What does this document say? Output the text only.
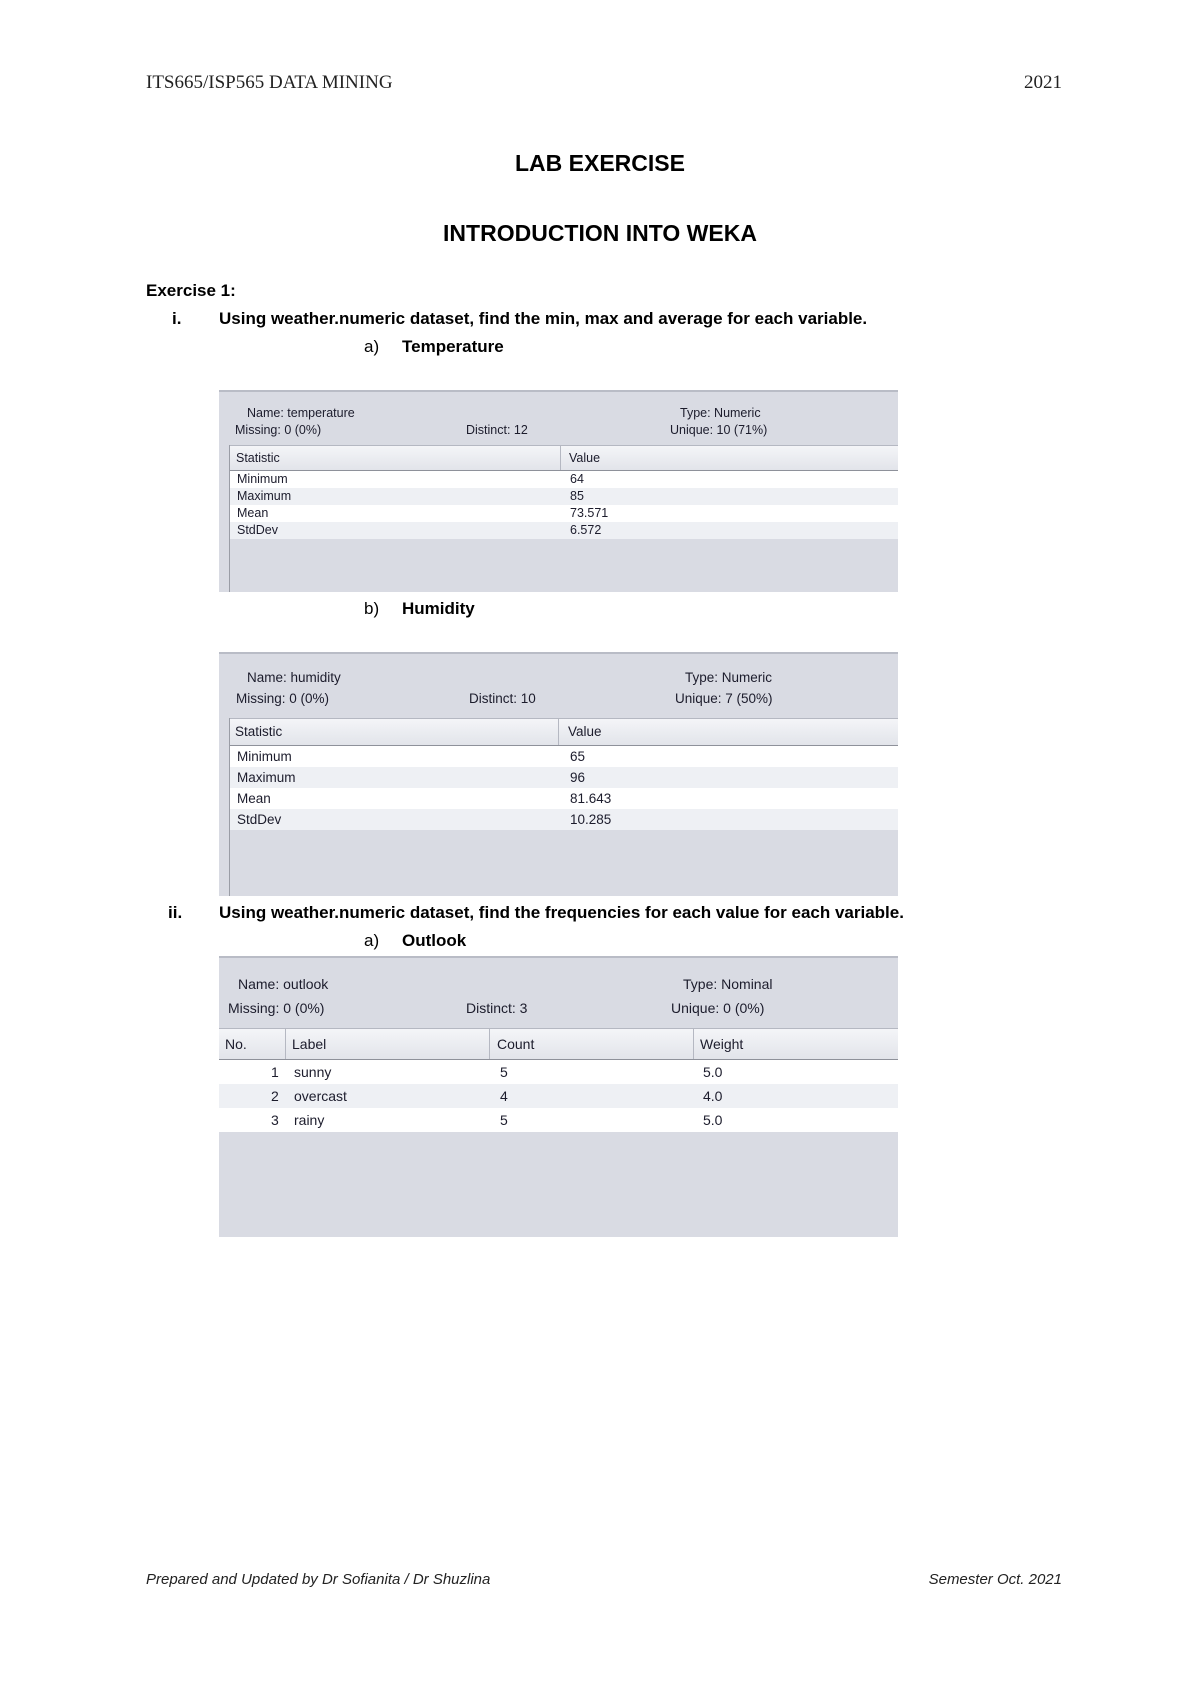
ITS665/ISP565 DATA MINING	2021
LAB EXERCISE
INTRODUCTION INTO WEKA
Exercise 1:
i. Using weather.numeric dataset, find the min, max and average for each variable.
a) Temperature
Name: temperature	Type: Numeric
Missing: 0 (0%)	Distinct: 12	Unique: 10 (71%)
Statistic	Value
Minimum	64
Maximum	85
Mean	73.571
StdDev	6.572
b) Humidity
Name: humidity	Type: Numeric
Missing: 0 (0%)	Distinct: 10	Unique: 7 (50%)
Statistic	Value
Minimum	65
Maximum	96
Mean	81.643
StdDev	10.285
ii. Using weather.numeric dataset, find the frequencies for each value for each variable.
a) Outlook
Name: outlook	Type: Nominal
Missing: 0 (0%)	Distinct: 3	Unique: 0 (0%)
No.	Label	Count	Weight
1 sunny	5	5.0
2 overcast	4	4.0
3 rainy	5	5.0
Prepared and Updated by Dr Sofianita / Dr Shuzlina	Semester Oct. 2021
